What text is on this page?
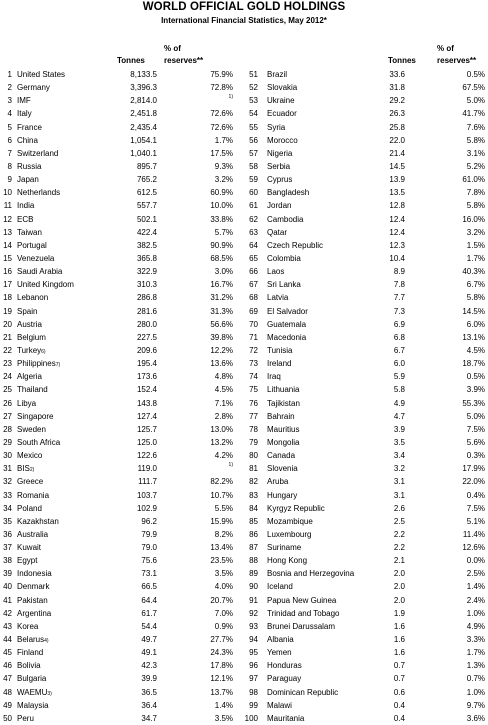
WORLD OFFICIAL GOLD HOLDINGS
International Financial Statistics, May 2012*
% of
Tonnes reserves**
% of
Tonnes	reserves**
1 United States	8,133.5	75.9%
2 Germany	3,396.3	72.8%
3 IMF	2,814.0	1)
4 Italy	2,451.8	72.6%
5 France	2,435.4	72.6%
6 China	1,054.1	1.7%
7 Switzerland	1,040.1	17.5%
8 Russia	895.7	9.3%
9 Japan	765.2	3.2%
10 Netherlands	612.5	60.9%
11 India	557.7	10.0%
12 ECB	502.1	33.8%
13 Taiwan	422.4	5.7%
14 Portugal	382.5	90.9%
15 Venezuela	365.8	68.5%
16 Saudi Arabia	322.9	3.0%
17 United Kingdom	310.3	16.7%
18 Lebanon	286.8	31.2%
19 Spain	281.6	31.3%
20 Austria	280.0	56.6%
21 Belgium	227.5	39.8%
22 Turkey6)	209.6	12.2%
23 Philippines7)	195.4	13.6%
24 Algeria	173.6	4.8%
25 Thailand	152.4	4.5%
26 Libya	143.8	7.1%
27 Singapore	127.4	2.8%
28 Sweden	125.7	13.0%
29 South Africa	125.0	13.2%
30 Mexico	122.6	4.2%
31 BIS2)	119.0	1)
32 Greece	111.7	82.2%
33 Romania	103.7	10.7%
34 Poland	102.9	5.5%
35 Kazakhstan	96.2	15.9%
36 Australia	79.9	8.2%
37 Kuwait	79.0	13.4%
38 Egypt	75.6	23.5%
39 Indonesia	73.1	3.5%
40 Denmark	66.5	4.0%
41 Pakistan	64.4	20.7%
42 Argentina	61.7	7.0%
43 Korea	54.4	0.9%
44 Belarus4)	49.7	27.7%
45 Finland	49.1	24.3%
46 Bolivia	42.3	17.8%
47 Bulgaria	39.9	12.1%
48 WAEMU3)	36.5	13.7%
49 Malaysia	36.4	1.4%
50 Peru	34.7	3.5%
51 Brazil	33.6	0.5%
52 Slovakia	31.8	67.5%
53 Ukraine	29.2	5.0%
54 Ecuador	26.3	41.7%
55 Syria	25.8	7.6%
56 Morocco	22.0	5.8%
57 Nigeria	21.4	3.1%
58 Serbia	14.5	5.2%
59 Cyprus	13.9	61.0%
60 Bangladesh	13.5	7.8%
61 Jordan	12.8	5.8%
62 Cambodia	12.4	16.0%
63 Qatar	12.4	3.2%
64 Czech Republic	12.3	1.5%
65 Colombia	10.4	1.7%
66 Laos	8.9	40.3%
67 Sri Lanka	7.8	6.7%
68 Latvia	7.7	5.8%
69 El Salvador	7.3	14.5%
70 Guatemala	6.9	6.0%
71 Macedonia	6.8	13.1%
72 Tunisia	6.7	4.5%
73 Ireland	6.0	18.7%
74 Iraq	5.9	0.5%
75 Lithuania	5.8	3.9%
76 Tajikistan	4.9	55.3%
77 Bahrain	4.7	5.0%
78 Mauritius	3.9	7.5%
79 Mongolia	3.5	5.6%
80 Canada	3.4	0.3%
81 Slovenia	3.2	17.9%
82 Aruba	3.1	22.0%
83 Hungary	3.1	0.4%
84 Kyrgyz Republic	2.6	7.5%
85 Mozambique	2.5	5.1%
86 Luxembourg	2.2	11.4%
87 Suriname	2.2	12.6%
88 Hong Kong	2.1	0.0%
89 Bosnia and Herzegovina	2.0	2.5%
90 Iceland	2.0	1.4%
91 Papua New Guinea	2.0	2.4%
92 Trinidad and Tobago	1.9	1.0%
93 Brunei Darussalam	1.6	4.9%
94 Albania	1.6	3.3%
95 Yemen	1.6	1.7%
96 Honduras	0.7	1.3%
97 Paraguay	0.7	0.7%
98 Dominican Republic	0.6	1.0%
99 Malawi	0.4	9.7%
100 Mauritania	0.4	3.6%
